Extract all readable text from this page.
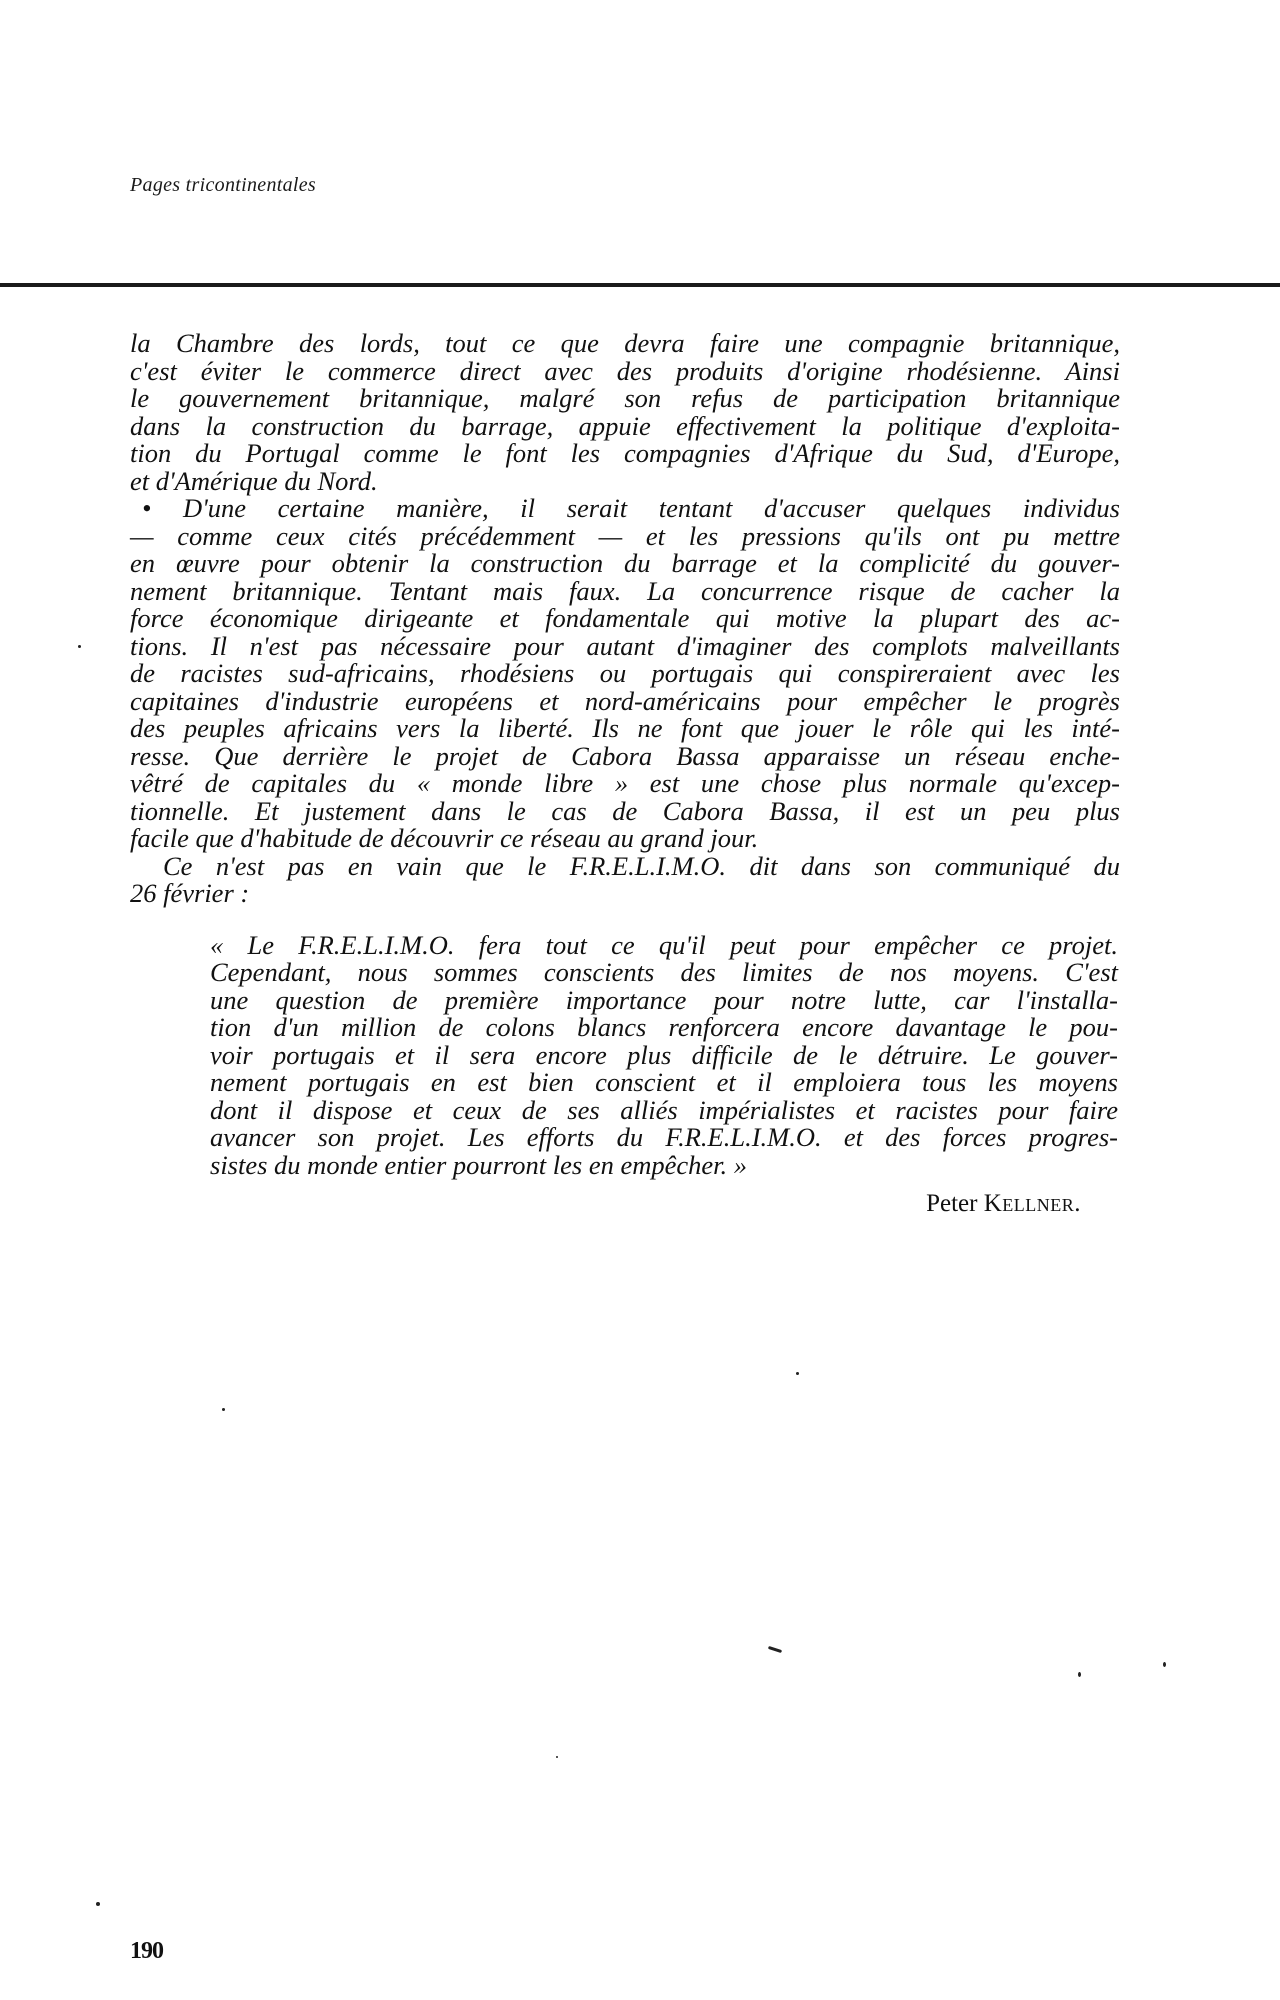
Pages tricontinentales
la Chambre des lords, tout ce que devra faire une compagnie britannique,
c'est éviter le commerce direct avec des produits d'origine rhodésienne. Ainsi
le gouvernement britannique, malgré son refus de participation britannique
dans la construction du barrage, appuie effectivement la politique d'exploita-
tion du Portugal comme le font les compagnies d'Afrique du Sud, d'Europe,
et d'Amérique du Nord.
• D'une certaine manière, il serait tentant d'accuser quelques individus
— comme ceux cités précédemment — et les pressions qu'ils ont pu mettre
en œuvre pour obtenir la construction du barrage et la complicité du gouver-
nement britannique. Tentant mais faux. La concurrence risque de cacher la
force économique dirigeante et fondamentale qui motive la plupart des ac-
tions. Il n'est pas nécessaire pour autant d'imaginer des complots malveillants
de racistes sud-africains, rhodésiens ou portugais qui conspireraient avec les
capitaines d'industrie européens et nord-américains pour empêcher le progrès
des peuples africains vers la liberté. Ils ne font que jouer le rôle qui les inté-
resse. Que derrière le projet de Cabora Bassa apparaisse un réseau enche-
vêtré de capitales du « monde libre » est une chose plus normale qu'excep-
tionnelle. Et justement dans le cas de Cabora Bassa, il est un peu plus
facile que d'habitude de découvrir ce réseau au grand jour.
Ce n'est pas en vain que le F.R.E.L.I.M.O. dit dans son communiqué du
26 février :
« Le F.R.E.L.I.M.O. fera tout ce qu'il peut pour empêcher ce projet.
Cependant, nous sommes conscients des limites de nos moyens. C'est
une question de première importance pour notre lutte, car l'installa-
tion d'un million de colons blancs renforcera encore davantage le pou-
voir portugais et il sera encore plus difficile de le détruire. Le gouver-
nement portugais en est bien conscient et il emploiera tous les moyens
dont il dispose et ceux de ses alliés impérialistes et racistes pour faire
avancer son projet. Les efforts du F.R.E.L.I.M.O. et des forces progres-
sistes du monde entier pourront les en empêcher. »
Peter Kellner.
190
